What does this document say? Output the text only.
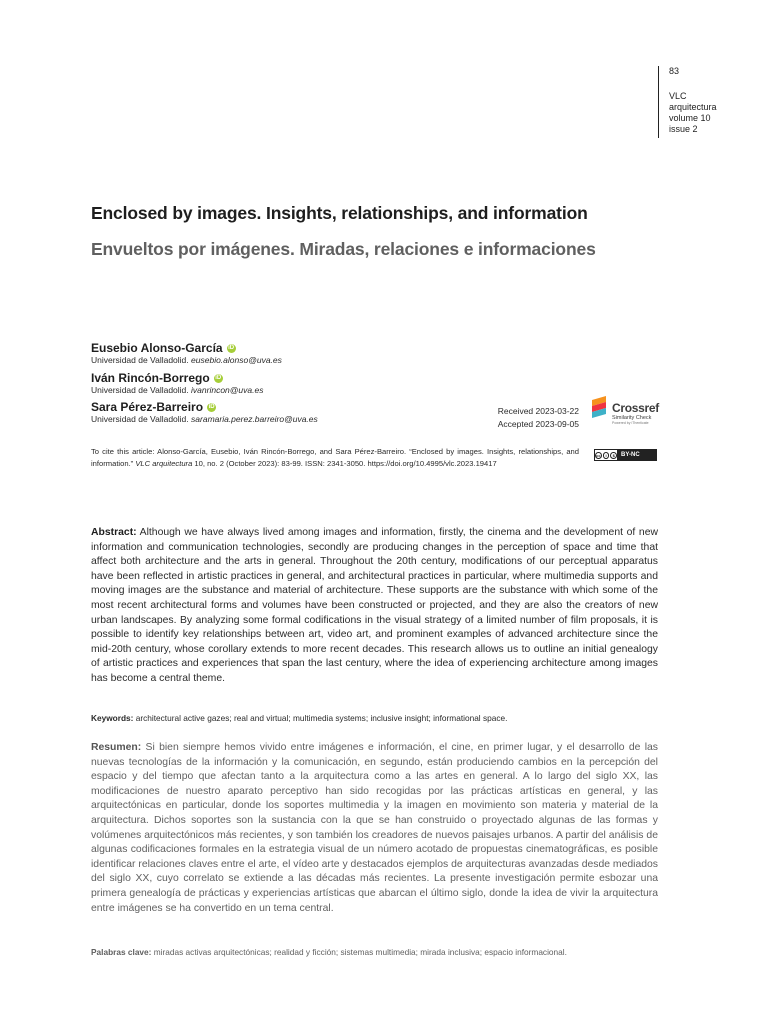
83
VLC
arquitectura
volume 10
issue 2
Enclosed by images. Insights, relationships, and information
Envueltos por imágenes. Miradas, relaciones e informaciones
Eusebio Alonso-García iD
Universidad de Valladolid. eusebio.alonso@uva.es
Iván Rincón-Borrego iD
Universidad de Valladolid. ivanrincon@uva.es
Sara Pérez-Barreiro iD
Universidad de Valladolid. saramaria.perez.barreiro@uva.es
Received 2023-03-22
Accepted 2023-09-05
Crossref
Similarity Check
Powered by iThenticate

To cite this article: Alonso-García, Eusebio, Iván Rincón-Borrego, and Sara Pérez-Barreiro. “Enclosed by images. Insights, relationships, and information.” VLC arquitectura 10, no. 2 (October 2023): 83-99. ISSN: 2341-3050. https://doi.org/10.4995/vlc.2023.19417

cc	i	$	BY-NC

Abstract: Although we have always lived among images and information, firstly, the cinema and the development of new information and communication technologies, secondly are producing changes in the perception of space and time that affect both architecture and the arts in general. Throughout the 20th century, modifications of our perceptual apparatus have been reflected in artistic practices in general, and architectural practices in particular, where multimedia supports and moving images are the substance and material of architecture. These supports are the substance with which some of the most recent architectural forms and volumes have been constructed or projected, and they are also the creators of new urban landscapes. By analyzing some formal codifications in the visual strategy of a limited number of film proposals, it is possible to identify key relationships between art, video art, and prominent examples of advanced architecture since the mid-20th century, whose corollary extends to more recent decades. This research allows us to outline an initial genealogy of artistic practices and experiences that span the last century, where the idea of experiencing architecture among images has become a central theme.

Keywords: architectural active gazes; real and virtual; multimedia systems; inclusive insight; informational space.

Resumen: Si bien siempre hemos vivido entre imágenes e información, el cine, en primer lugar, y el desarrollo de las nuevas tecnologías de la información y la comunicación, en segundo, están produciendo cambios en la percepción del espacio y del tiempo que afectan tanto a la arquitectura como a las artes en general. A lo largo del siglo XX, las modificaciones de nuestro aparato perceptivo han sido recogidas por las prácticas artísticas en general, y las arquitectónicas en particular, donde los soportes multimedia y la imagen en movimiento son materia y material de la arquitectura. Dichos soportes son la sustancia con la que se han construido o proyectado algunas de las formas y volúmenes arquitectónicos más recientes, y son también los creadores de nuevos paisajes urbanos. A partir del análisis de algunas codificaciones formales en la estrategia visual de un número acotado de propuestas cinematográficas, es posible identificar relaciones claves entre el arte, el vídeo arte y destacados ejemplos de arquitecturas avanzadas desde mediados del siglo XX, cuyo correlato se extiende a las décadas más recientes. La presente investigación permite esbozar una primera genealogía de prácticas y experiencias artísticas que abarcan el último siglo, donde la idea de vivir la arquitectura entre imágenes se ha convertido en un tema central.

Palabras clave: miradas activas arquitectónicas; realidad y ficción; sistemas multimedia; mirada inclusiva; espacio informacional.
